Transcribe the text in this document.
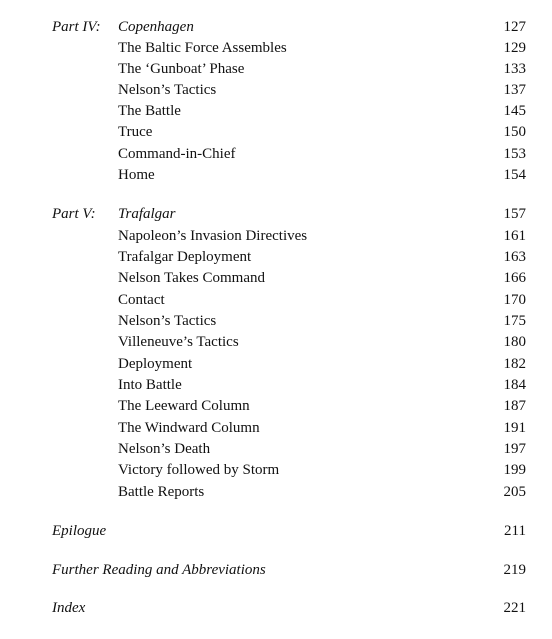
Part IV: Copenhagen	127
The Baltic Force Assembles	129
The ‘Gunboat’ Phase	133
Nelson’s Tactics	137
The Battle	145
Truce	150
Command-in-Chief	153
Home	154
Part V: Trafalgar	157
Napoleon’s Invasion Directives	161
Trafalgar Deployment	163
Nelson Takes Command	166
Contact	170
Nelson’s Tactics	175
Villeneuve’s Tactics	180
Deployment	182
Into Battle	184
The Leeward Column	187
The Windward Column	191
Nelson’s Death	197
Victory followed by Storm	199
Battle Reports	205
Epilogue	211
Further Reading and Abbreviations	219
Index	221
